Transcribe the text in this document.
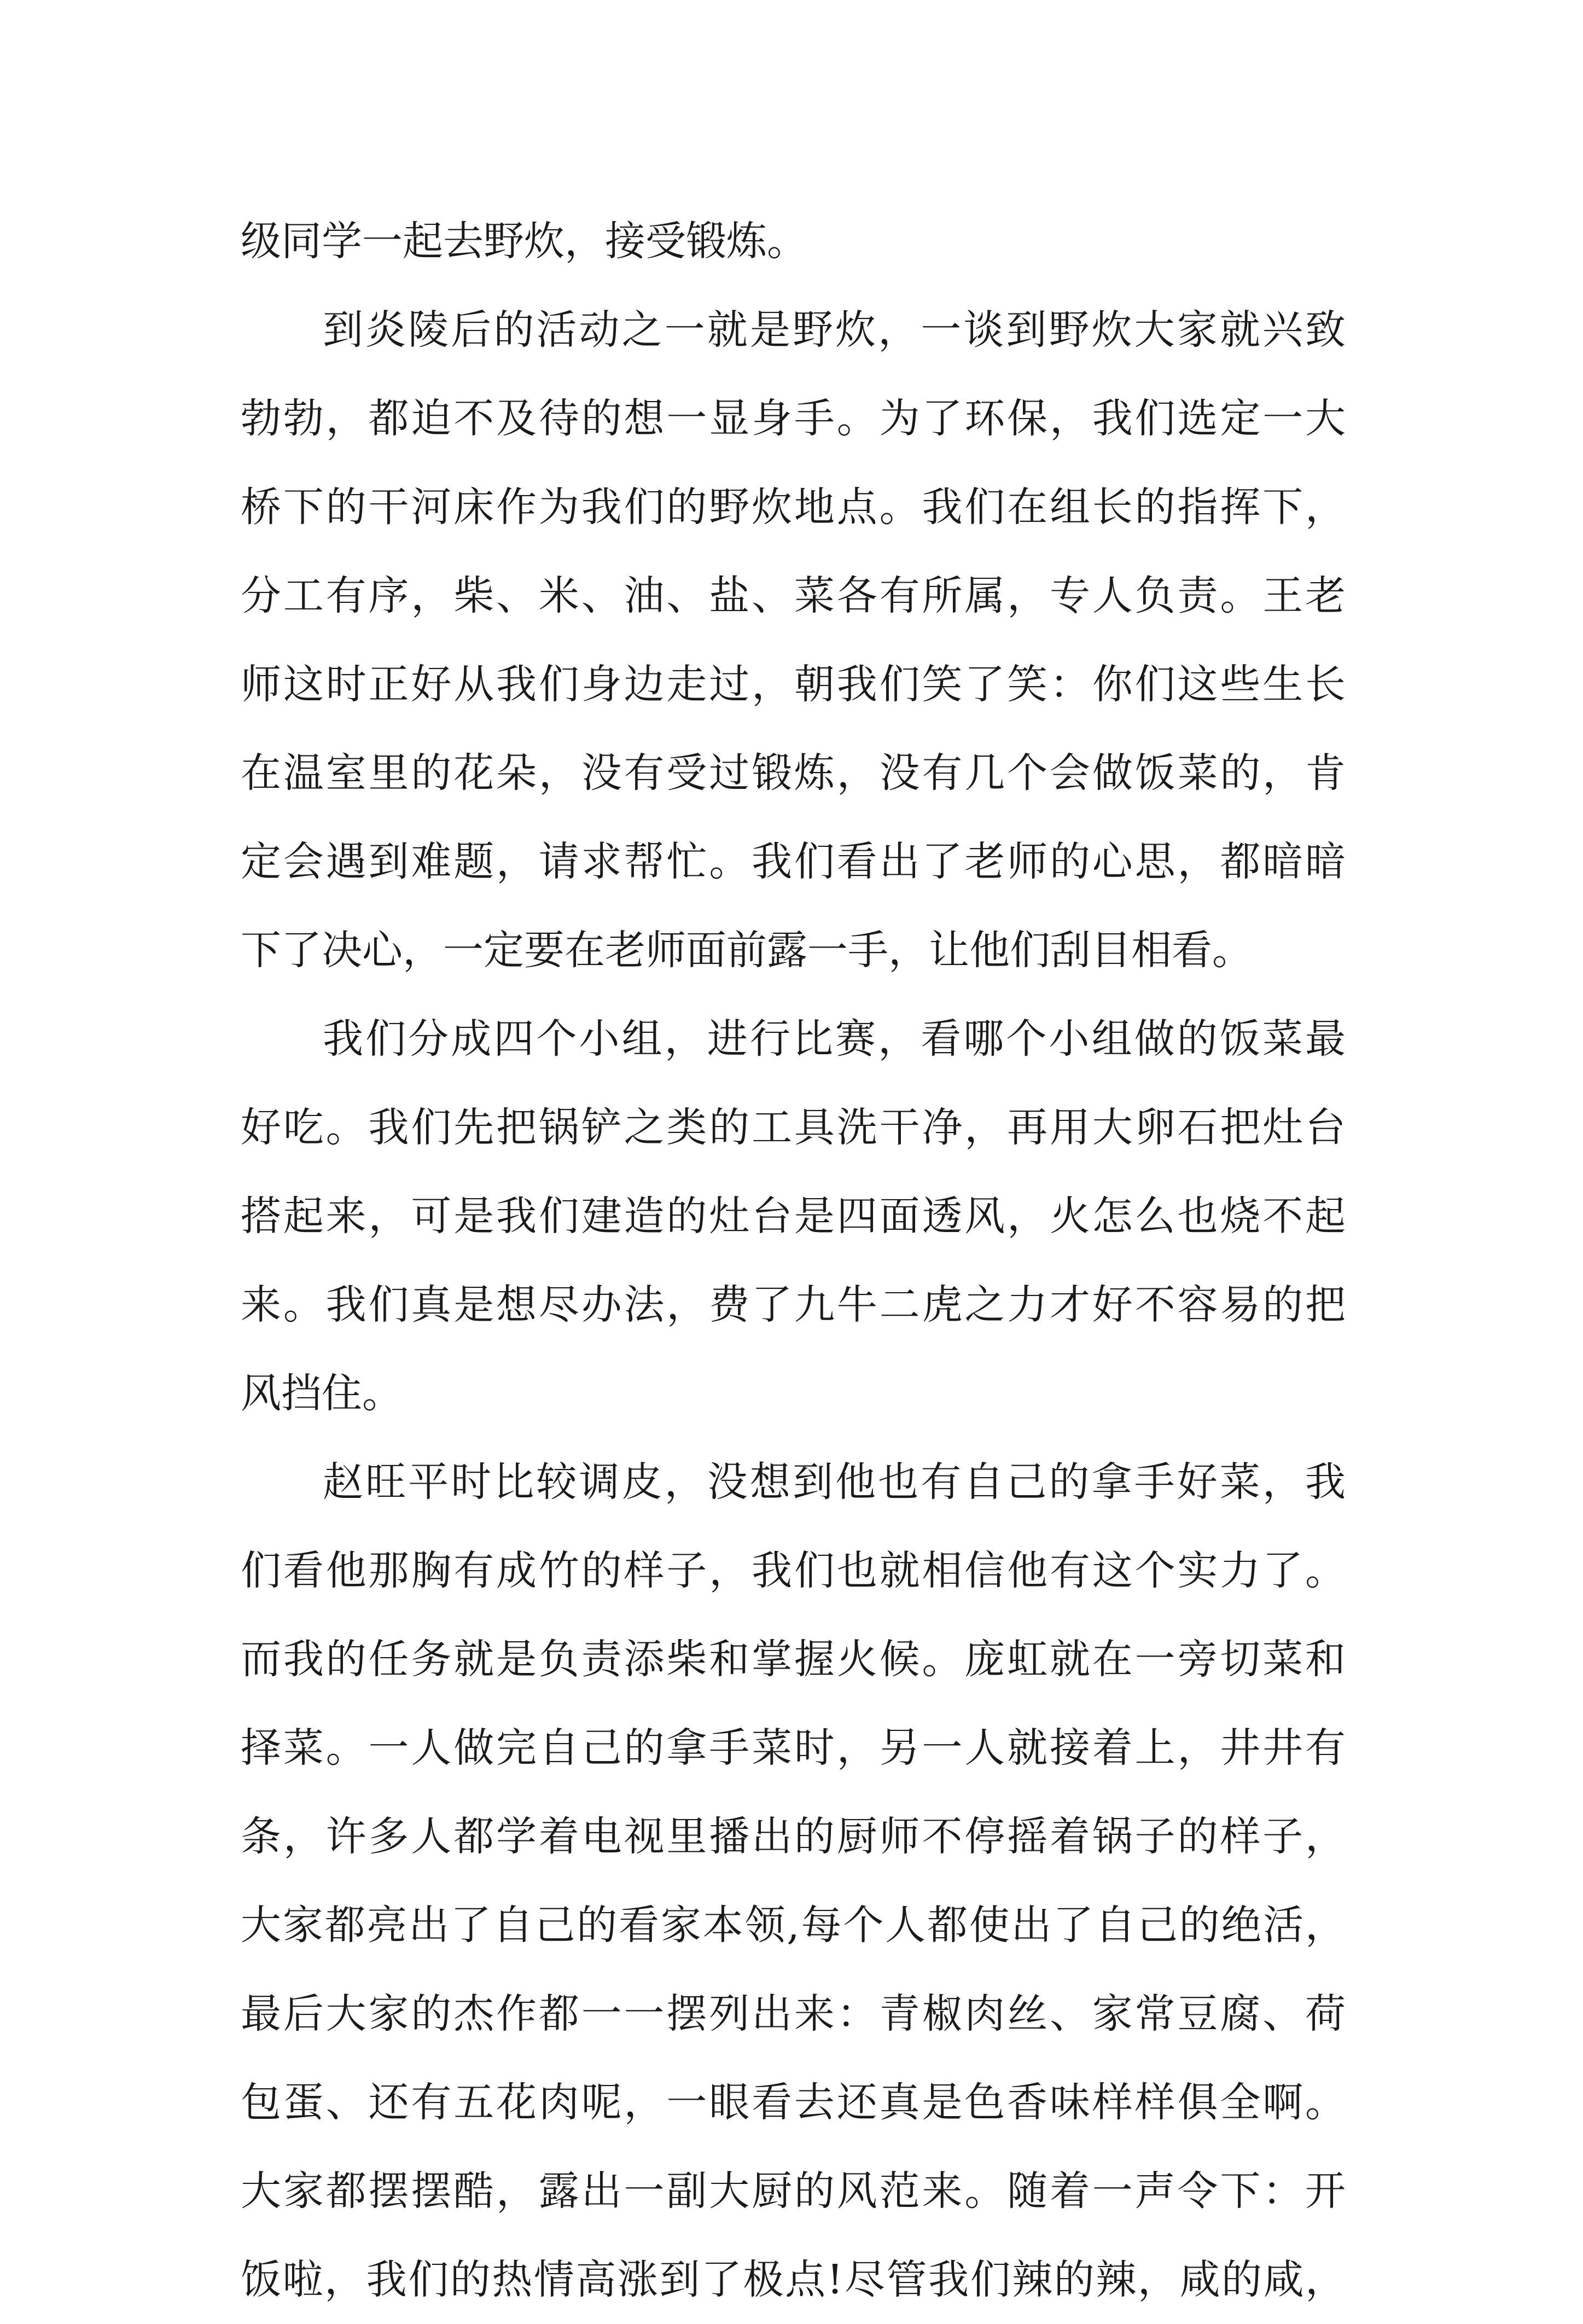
级同学一起去野炊，接受锻炼。
到炎陵后的活动之一就是野炊，一谈到野炊大家就兴致
勃勃，都迫不及待的想一显身手。为了环保，我们选定一大
桥下的干河床作为我们的野炊地点。我们在组长的指挥下，
分工有序，柴、米、油、盐、菜各有所属，专人负责。王老
师这时正好从我们身边走过，朝我们笑了笑：你们这些生长
在温室里的花朵，没有受过锻炼，没有几个会做饭菜的，肯
定会遇到难题，请求帮忙。我们看出了老师的心思，都暗暗
下了决心，一定要在老师面前露一手，让他们刮目相看。
我们分成四个小组，进行比赛，看哪个小组做的饭菜最
好吃。我们先把锅铲之类的工具洗干净，再用大卵石把灶台
搭起来，可是我们建造的灶台是四面透风，火怎么也烧不起
来。我们真是想尽办法，费了九牛二虎之力才好不容易的把
风挡住。
赵旺平时比较调皮，没想到他也有自己的拿手好菜，我
们看他那胸有成竹的样子，我们也就相信他有这个实力了。
而我的任务就是负责添柴和掌握火候。庞虹就在一旁切菜和
择菜。一人做完自己的拿手菜时，另一人就接着上，井井有
条，许多人都学着电视里播出的厨师不停摇着锅子的样子，
大家都亮出了自己的看家本领,每个人都使出了自己的绝活，
最后大家的杰作都一一摆列出来：青椒肉丝、家常豆腐、荷
包蛋、还有五花肉呢，一眼看去还真是色香味样样俱全啊。
大家都摆摆酷，露出一副大厨的风范来。随着一声令下：开
饭啦，我们的热情高涨到了极点!尽管我们辣的辣，咸的咸，
